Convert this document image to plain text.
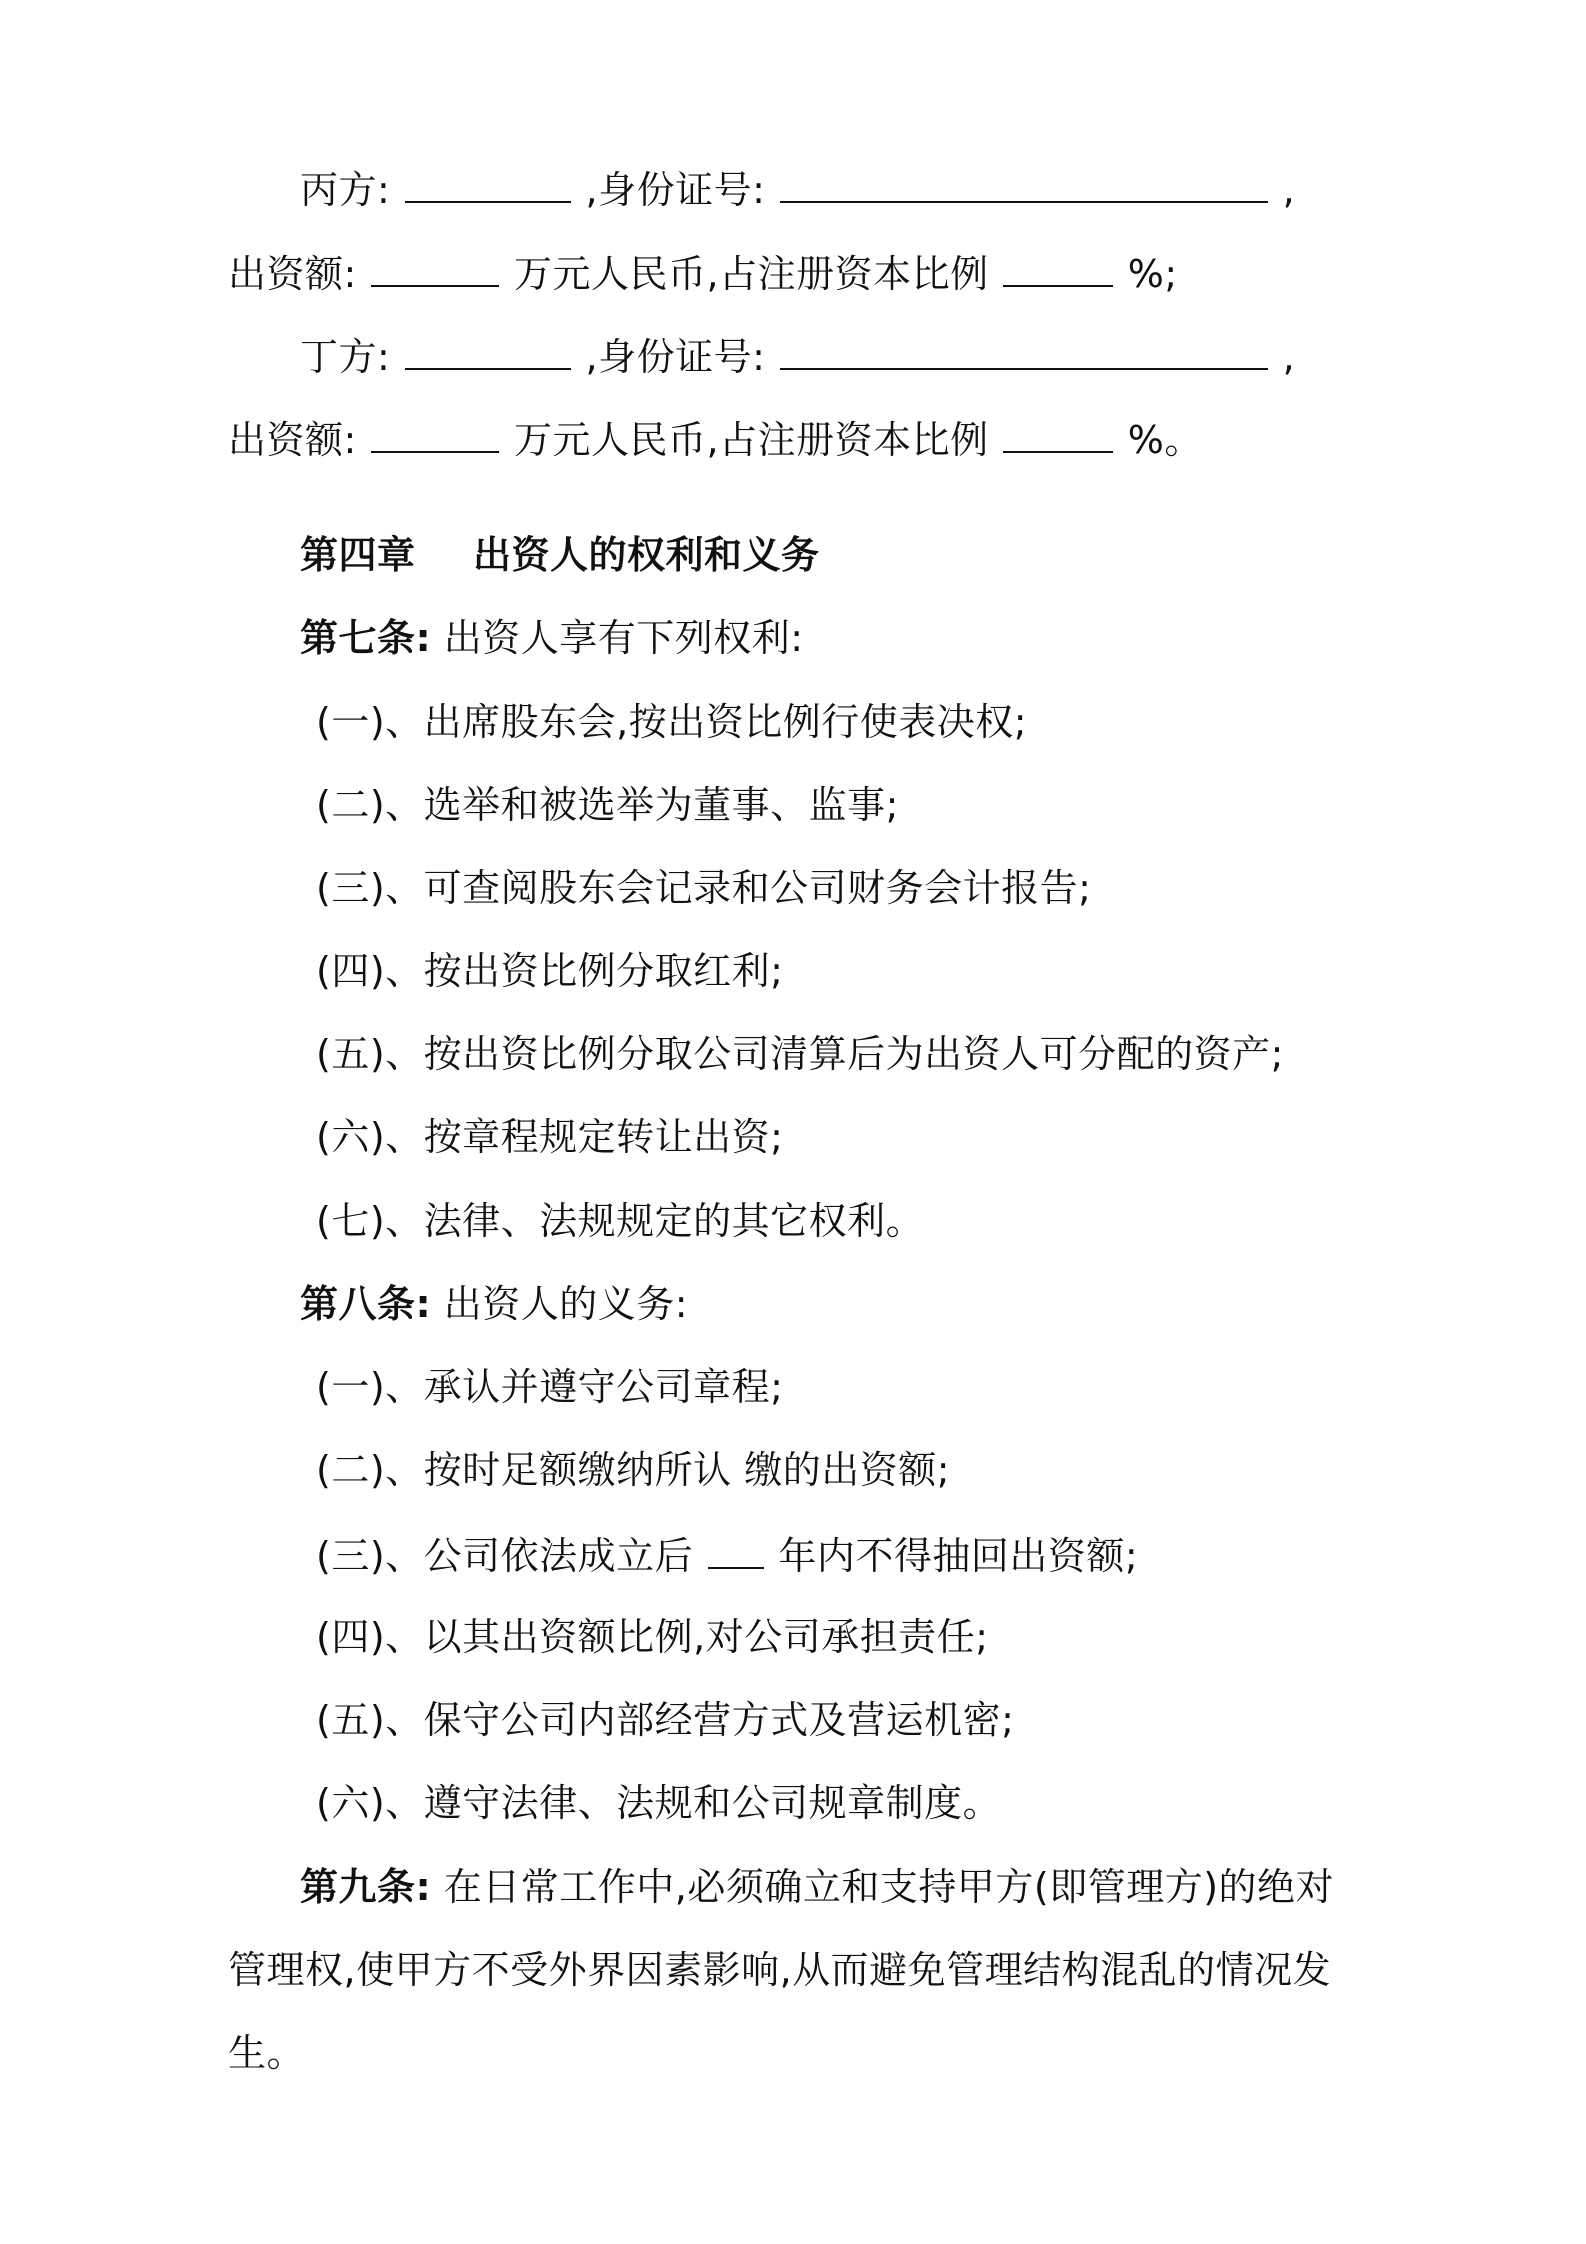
丙方:	,身份证号:	,
出资额:	万元人民币,占注册资本比例	%;
丁方:	,身份证号:	,
出资额:	万元人民币,占注册资本比例	%。
第四章 出资人的权利和义务
第七条: 出资人享有下列权利:
(一)、出席股东会,按出资比例行使表决权;
(二)、选举和被选举为董事、监事;
(三)、可查阅股东会记录和公司财务会计报告;
(四)、按出资比例分取红利;
(五)、按出资比例分取公司清算后为出资人可分配的资产;
(六)、按章程规定转让出资;
(七)、法律、法规规定的其它权利。
第八条: 出资人的义务:
(一)、承认并遵守公司章程;
(二)、按时足额缴纳所认 缴的出资额;
(三)、公司依法成立后 年内不得抽回出资额;
(四)、以其出资额比例,对公司承担责任;
(五)、保守公司内部经营方式及营运机密;
(六)、遵守法律、法规和公司规章制度。
第九条: 在日常工作中,必须确立和支持甲方(即管理方)的绝对
管理权,使甲方不受外界因素影响,从而避免管理结构混乱的情况发
生。
